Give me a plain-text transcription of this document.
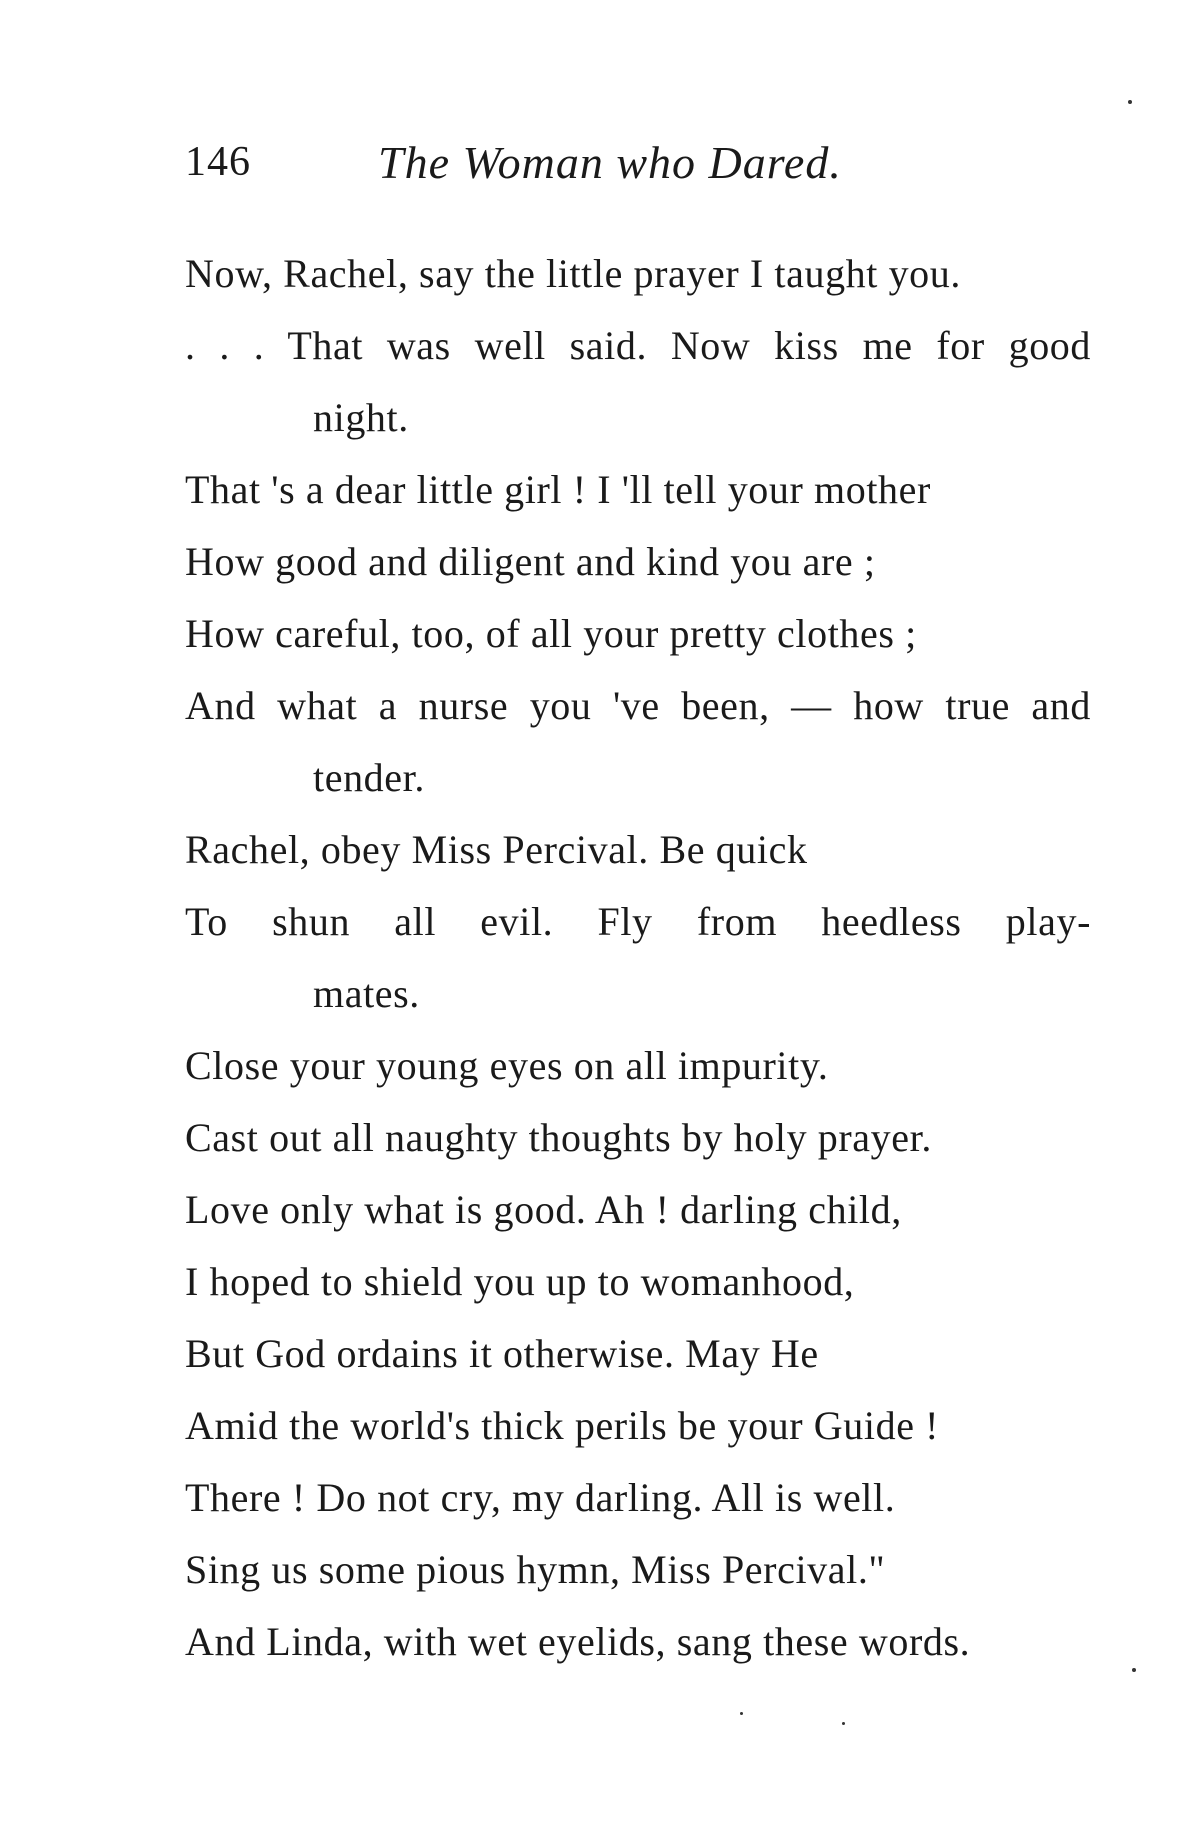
146	The Woman who Dared.
Now, Rachel, say the little prayer I taught you.
. . . That was well said. Now kiss me for good
night.
That 's a dear little girl ! I 'll tell your mother
How good and diligent and kind you are ;
How careful, too, of all your pretty clothes ;
And what a nurse you 've been, — how true and
tender.
Rachel, obey Miss Percival. Be quick
To shun all evil. Fly from heedless play-
mates.
Close your young eyes on all impurity.
Cast out all naughty thoughts by holy prayer.
Love only what is good. Ah ! darling child,
I hoped to shield you up to womanhood,
But God ordains it otherwise. May He
Amid the world's thick perils be your Guide !
There ! Do not cry, my darling. All is well.
Sing us some pious hymn, Miss Percival."
And Linda, with wet eyelids, sang these words.
